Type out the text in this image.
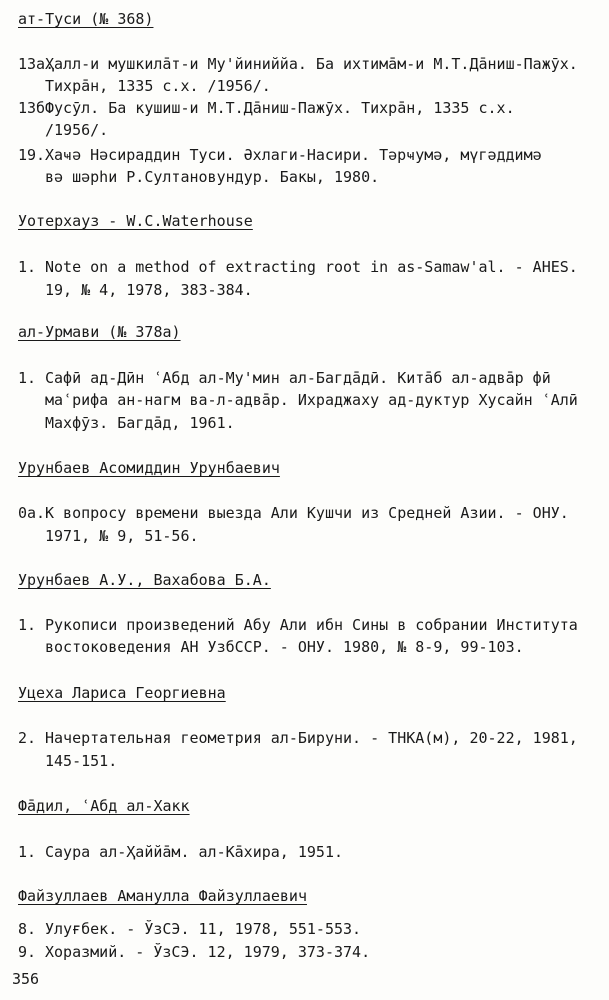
ат-Туси (№ 368)
13а.Ҳалл-и мушкилāт-и Му'йиниййа. Ба ихтимāм-и М.Т.Дāниш-Пажӯх.
Тихрāн, 1335 с.х. /1956/.
13б.Фусӯл. Ба кушиш-и М.Т.Дāниш-Пажӯх. Тихрāн, 1335 с.х.
/1956/.
19.Хаҹə Нәсираддин Туси. Әхлаги-Насири. Тәрҹумә, мүгәддимә
вә шәрһи Р.Султановундур. Бакы, 1980.
Уотерхауз - W.C.Waterhouse
1. Note on a method of extracting root in as-Samaw'al. - AHES.
19, № 4, 1978, 383-384.
ал-Урмави (№ 378а)
1. Сафӣ ад-Дӣн ʿАбд ал-Му'мин ал-Багдāдӣ. Китāб ал-адвāр фӣ
маʿрифа ан-нагм ва-л-адвāр. Ихраджаху ад-дуктур Хусайн ʿАлӣ
Махфӯз. Багдāд, 1961.
Урунбаев Асомиддин Урунбаевич
0а.К вопросу времени выезда Али Кушчи из Средней Азии. - ОНУ.
1971, № 9, 51-56.
Урунбаев А.У., Вахабова Б.А.
1. Рукописи произведений Абу Али ибн Сины в собрании Института
востоковедения АН УзбССР. - ОНУ. 1980, № 8-9, 99-103.
Уцеха Лариса Георгиевна
2. Начертательная геометрия ал-Бируни. - ТНКА(м), 20-22, 1981,
145-151.
Фāдил, ʿАбд ал-Хакк
1. Саура ал-Ҳаййāм. ал-Кāхира, 1951.
Файзуллаев Аманулла Файзуллаевич
8. Улуғбек. - ЎзСЭ. 11, 1978, 551-553.
9. Хоразмий. - ЎзСЭ. 12, 1979, 373-374.
356
